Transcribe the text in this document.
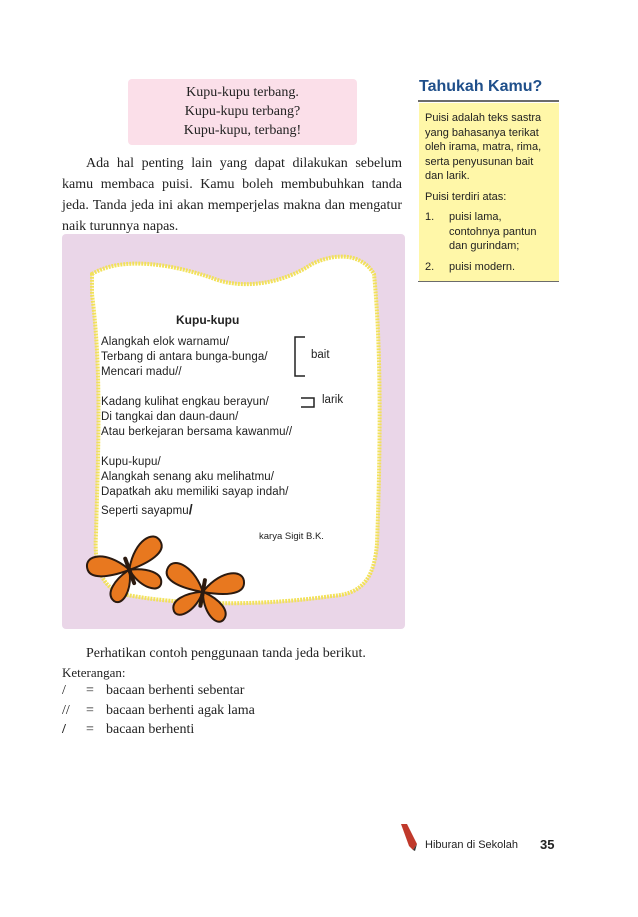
Kupu-kupu terbang.
Kupu-kupu terbang?
Kupu-kupu, terbang!

Ada hal penting lain yang dapat dilakukan sebelum kamu membaca puisi. Kamu boleh membubuhkan tanda jeda. Tanda jeda ini akan memperjelas makna dan mengatur naik turunnya napas.

Kupu-kupu
Alangkah elok warnamu/
Terbang di antara bunga-bunga/
Mencari madu//
bait
Kadang kulihat engkau berayun/
Di tangkai dan daun-daun/
Atau berkejaran bersama kawanmu//
larik
Kupu-kupu/
Alangkah senang aku melihatmu/
Dapatkah aku memiliki sayap indah/
Seperti sayapmu/
karya Sigit B.K.
Tahukah Kamu?

Puisi adalah teks sastra yang bahasanya terikat oleh irama, matra, rima, serta penyusunan bait dan larik.

Puisi terdiri atas:

1.	puisi lama, contohnya pantun dan gurindam;
2.	puisi modern.
Perhatikan contoh penggunaan tanda jeda berikut.
Keterangan:
/ = bacaan berhenti sebentar
// = bacaan berhenti agak lama
/ = bacaan berhenti
Hiburan di Sekolah 35
